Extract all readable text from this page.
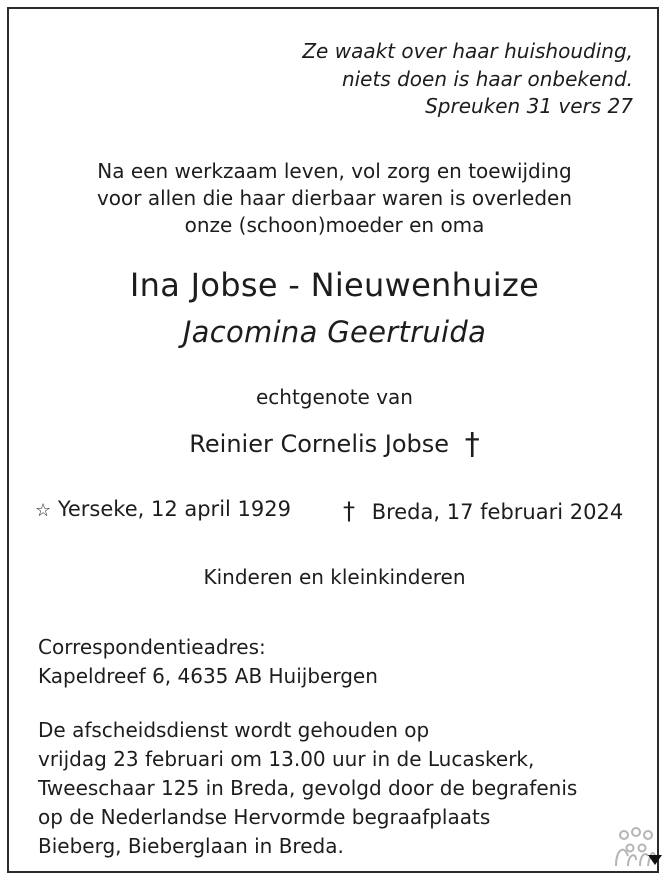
Ze waakt over haar huishouding,
niets doen is haar onbekend.
Spreuken 31 vers 27
Na een werkzaam leven, vol zorg en toewijding
voor allen die haar dierbaar waren is overleden
onze (schoon)moeder en oma
Ina Jobse - Nieuwenhuize
Jacomina Geertruida
echtgenote van
Reinier Cornelis Jobse †
☆ Yerseke, 12 april 1929 † Breda, 17 februari 2024
Kinderen en kleinkinderen
Correspondentieadres:
Kapeldreef 6, 4635 AB Huijbergen
De afscheidsdienst wordt gehouden op
vrijdag 23 februari om 13.00 uur in de Lucaskerk,
Tweeschaar 125 in Breda, gevolgd door de begrafenis
op de Nederlandse Hervormde begraafplaats
Bieberg, Bieberglaan in Breda.
